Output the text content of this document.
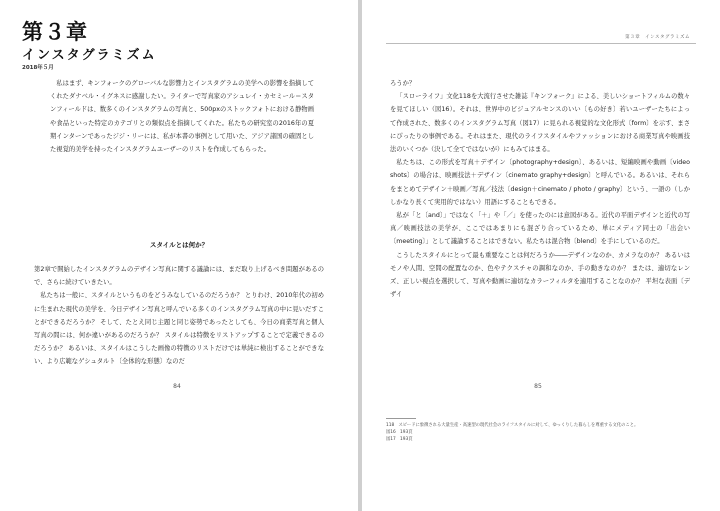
第３章
インスタグラミズム
2018年５月

私はまず、キンフォークのグローバルな影響力とインスタグラムの美学への影響を指摘してくれたダナベル・イグネスに感謝したい。ライターで写真家のアシュレイ・カセミール＝スタンフィールドは、数多くのインスタグラムの写真と、500pxのストックフォトにおける静物画や食品といった特定のカテゴリとの類似点を指摘してくれた。私たちの研究室の2016年の夏期インターンであったジジ・リーには、私が本書の事例として用いた、アジア諸国の確固とした視覚的美学を持ったインスタグラムユーザーのリストを作成してもらった。

スタイルとは何か？

第2章で開始したインスタグラムのデザイン写真に関する議論には、まだ取り上げるべき問題があるので、さらに続けていきたい。

私たちは一般に、スタイルというものをどうみなしているのだろうか？ とりわけ、2010年代の初めに生まれた現代の美学を、今日デザイン写真と呼んでいる多くのインスタグラム写真の中に見いだすことができるだろうか？ そして、たとえ同じ主題と同じ姿勢であったとしても、今日の商業写真と個人写真の間には、何か違いがあるのだろうか？ スタイルは特徴をリストアップすることで定義できるのだろうか？ あるいは、スタイルはこうした画像の特徴のリストだけでは単純に検出することができない、より広範なゲシュタルト〔全体的な形態〕なのだ

84
第３章　インスタグラミズム

ろうか？

「スローライフ」文化118を大流行させた雑誌『キンフォーク』による、美しいショートフィルムの数々を見てほしい（図16）。それは、世界中のビジュアルセンスのいい〔もの好き〕若いユーザーたちによって作成された、数多くのインスタグラム写真（図17）に見られる視覚的な文化形式〔form〕を示す、まさにぴったりの事例である。それはまた、現代のライフスタイルやファッションにおける商業写真や映画技法のいくつか（決して全てではないが）にもみてはまる。

私たちは、この形式を写真＋デザイン〔photography+design〕、あるいは、短編映画や動画〔video shots〕の場合は、映画技法＋デザイン〔cinemato graphy+design〕と呼んでいる。あるいは、それらをまとめてデザイン＋映画／写真／技法〔design＋cinemato / photo / graphy〕という、一語の（しかしかなり長くて実用的ではない）用語にすることもできる。

私が「と〔and〕」ではなく「＋」や「／」を使ったのには意図がある。近代の平面デザインと近代の写真／映画技法の美学が、ここではあまりにも混ざり合っているため、単にメディア同士の「出会い〔meeting〕」として議論することはできない。私たちは混合物〔blend〕を手にしているのだ。

こうしたスタイルにとって最も重要なことは何だろうか――デザインなのか、カメラなのか？ あるいはモノや人間、空間の配置なのか、色やテクスチャの調和なのか、手の動きなのか？ または、適切なレンズ、正しい視点を選択して、写真や動画に適切なカラーフィルタを適用することなのか？ 平坦な表面〔デザイ

85
118　スピードに象徴される大量生産・高速型の現代社会のライフスタイルに対して、ゆっくりした暮らしを尊重する文化のこと。
図16　193頁
図17　193頁
